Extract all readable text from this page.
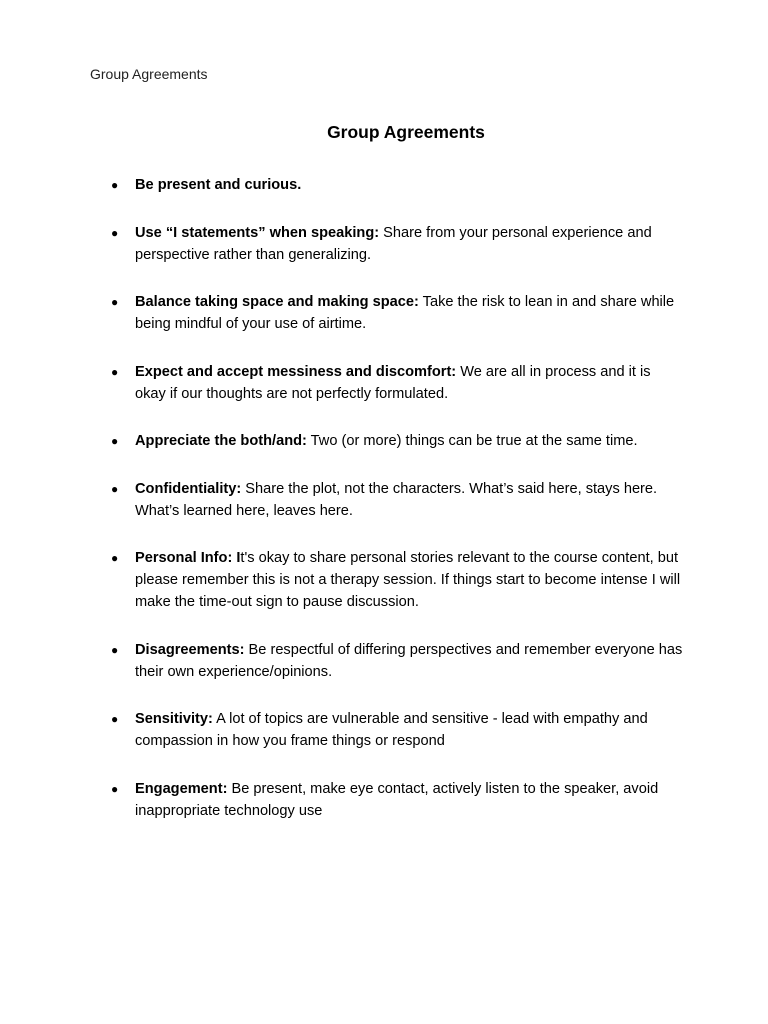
Group Agreements
Group Agreements
● Be present and curious.
● Use “I statements” when speaking: Share from your personal experience and perspective rather than generalizing.
● Balance taking space and making space: Take the risk to lean in and share while being mindful of your use of airtime.
● Expect and accept messiness and discomfort: We are all in process and it is okay if our thoughts are not perfectly formulated.
● Appreciate the both/and: Two (or more) things can be true at the same time.
● Confidentiality: Share the plot, not the characters. What’s said here, stays here. What’s learned here, leaves here.
● Personal Info: It's okay to share personal stories relevant to the course content, but please remember this is not a therapy session. If things start to become intense I will make the time-out sign to pause discussion.
● Disagreements: Be respectful of differing perspectives and remember everyone has their own experience/opinions.
● Sensitivity: A lot of topics are vulnerable and sensitive - lead with empathy and compassion in how you frame things or respond
● Engagement: Be present, make eye contact, actively listen to the speaker, avoid inappropriate technology use
